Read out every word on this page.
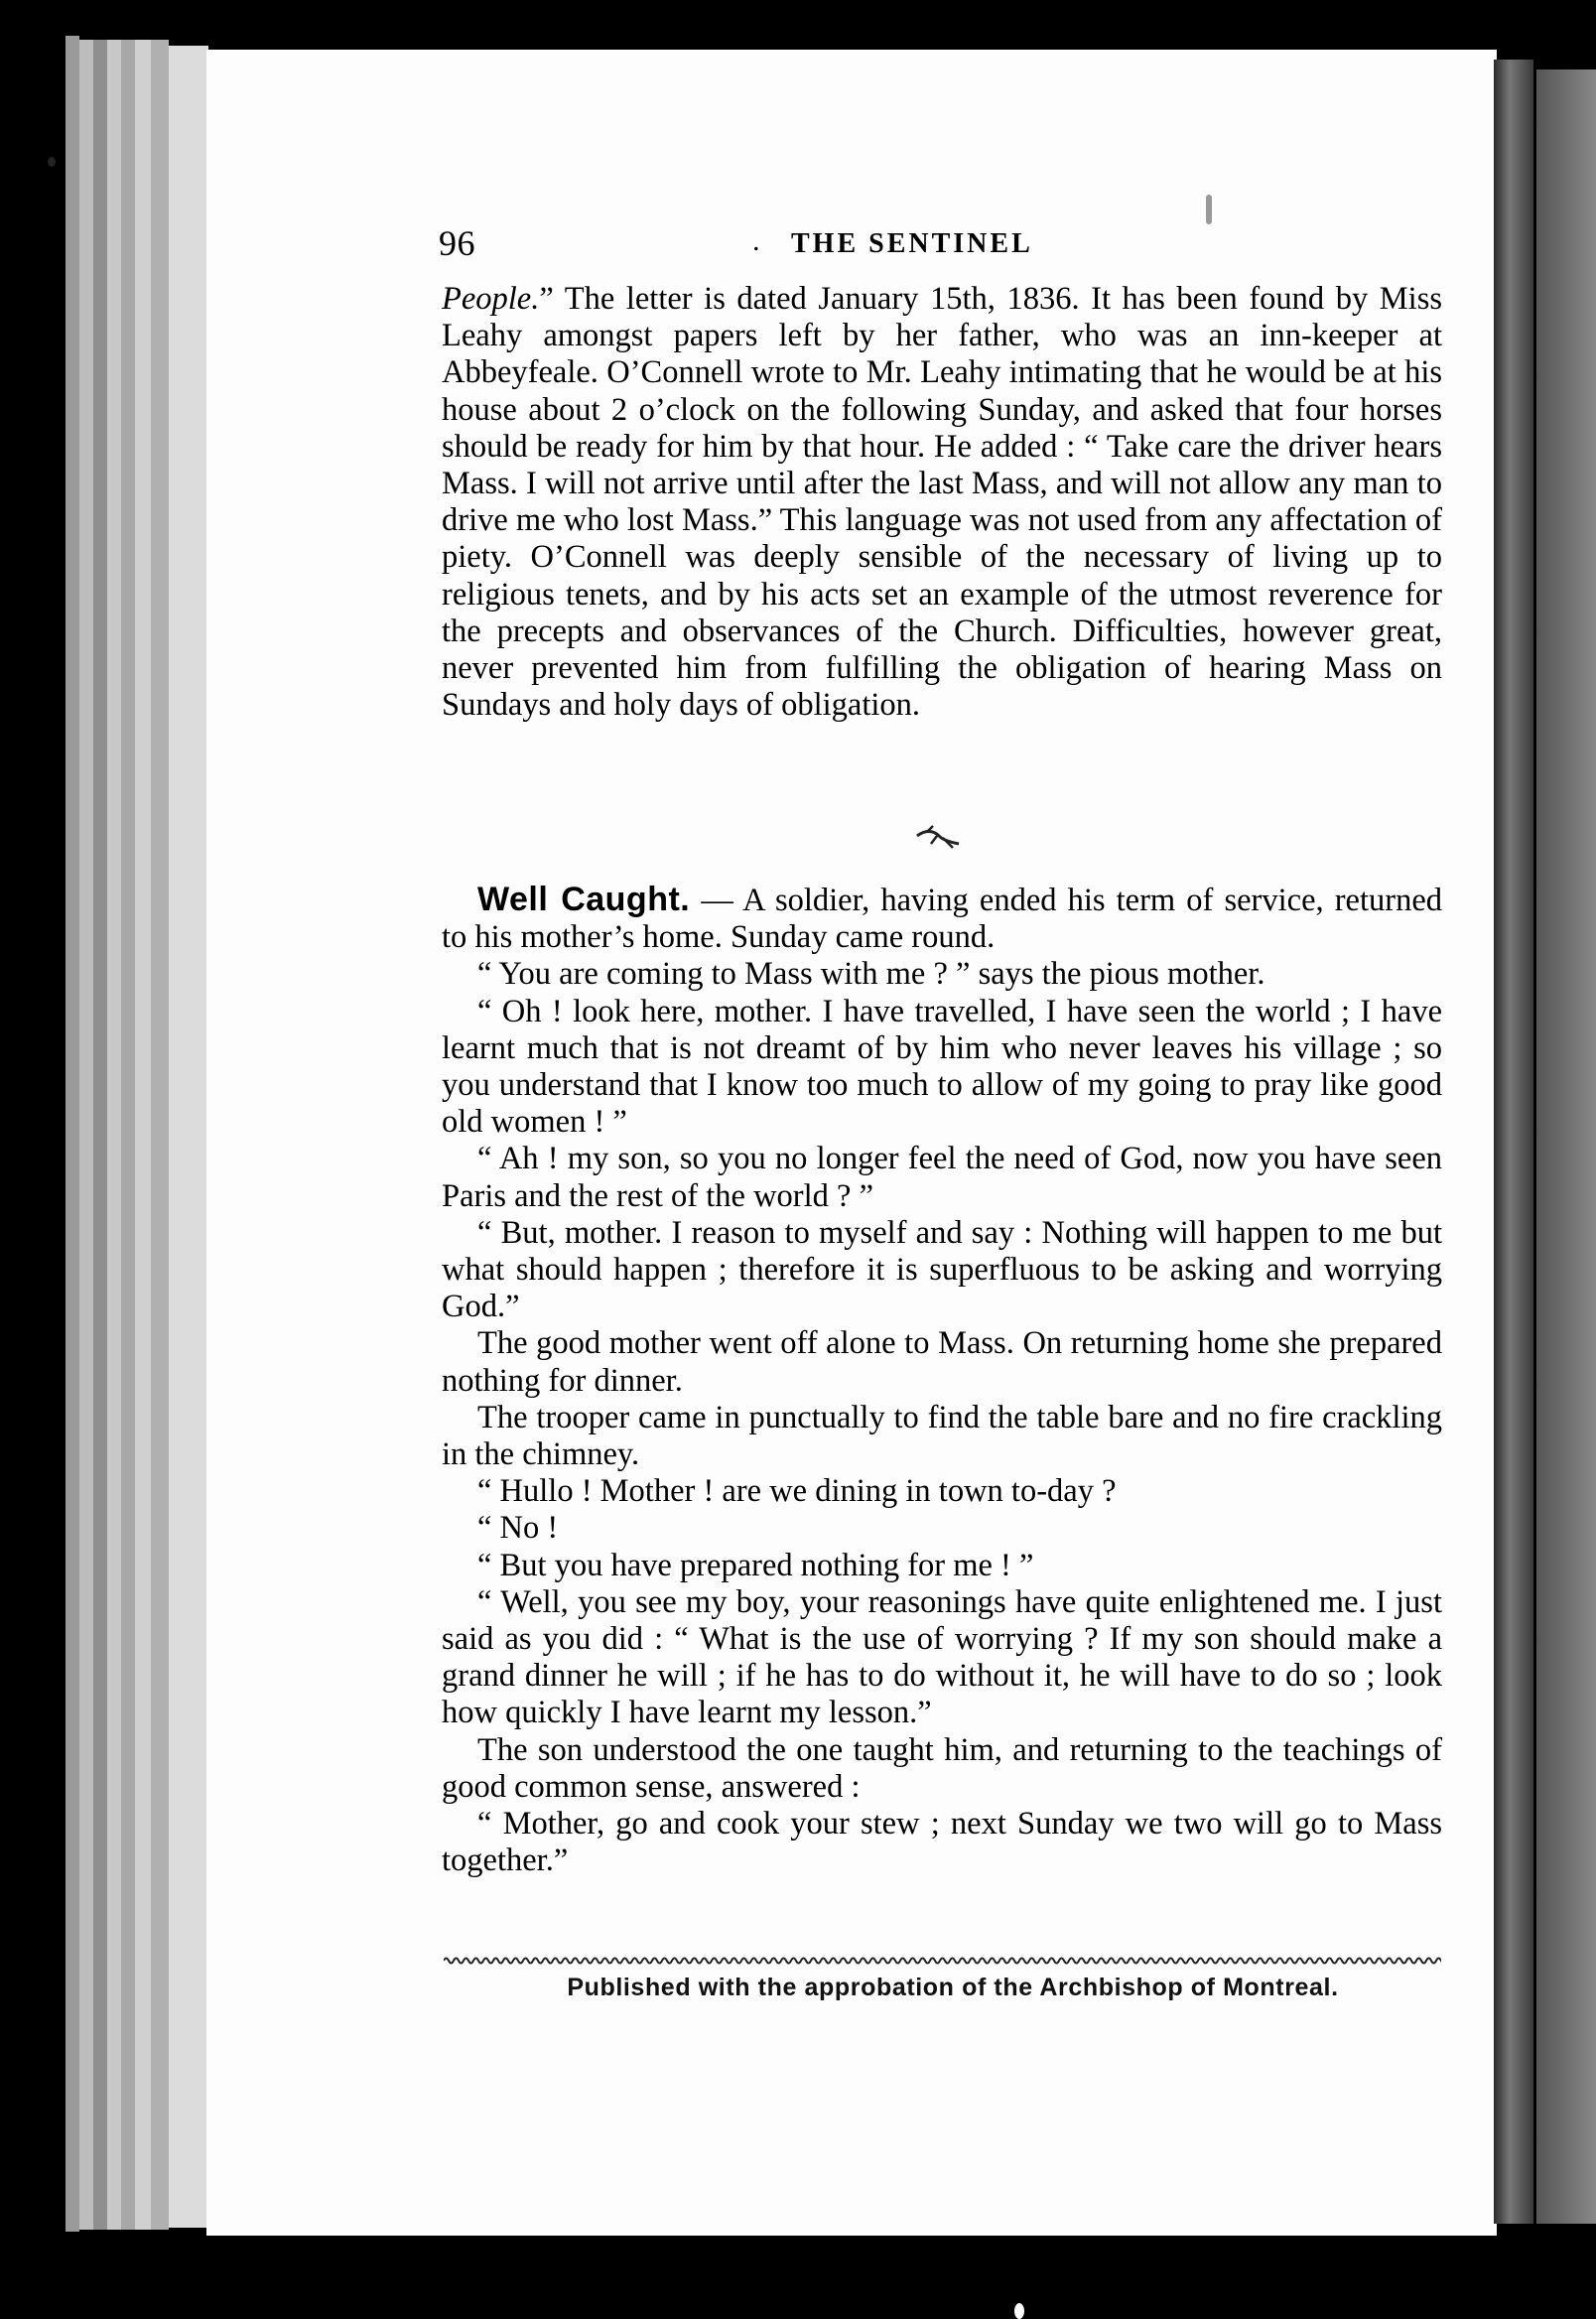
96	. THE SENTINEL

People.” The letter is dated January 15th, 1836. It has been found by Miss Leahy amongst papers left by her father, who was an inn-keeper at Abbeyfeale. O’Connell wrote to Mr. Leahy intimating that he would be at his house about 2 o’clock on the following Sunday, and asked that four horses should be ready for him by that hour. He added : “ Take care the driver hears Mass. I will not arrive until after the last Mass, and will not allow any man to drive me who lost Mass.” This language was not used from any affectation of piety. O’Connell was deeply sensible of the necessary of living up to religious tenets, and by his acts set an example of the utmost reverence for the precepts and observances of the Church. Difficulties, however great, never prevented him from fulfilling the obligation of hearing Mass on Sundays and holy days of obligation.

Well Caught. — A soldier, having ended his term of service, returned to his mother’s home. Sunday came round.

“ You are coming to Mass with me ? ” says the pious mother.

“ Oh ! look here, mother. I have travelled, I have seen the world ; I have learnt much that is not dreamt of by him who never leaves his village ; so you understand that I know too much to allow of my going to pray like good old women ! ”

“ Ah ! my son, so you no longer feel the need of God, now you have seen Paris and the rest of the world ? ”

“ But, mother. I reason to myself and say : Nothing will happen to me but what should happen ; therefore it is superfluous to be asking and worrying God.”

The good mother went off alone to Mass. On returning home she prepared nothing for dinner.

The trooper came in punctually to find the table bare and no fire crackling in the chimney.

“ Hullo ! Mother ! are we dining in town to-day ?

“ No !

“ But you have prepared nothing for me ! ”

“ Well, you see my boy, your reasonings have quite enlightened me. I just said as you did : “ What is the use of worrying ? If my son should make a grand dinner he will ; if he has to do without it, he will have to do so ; look how quickly I have learnt my lesson.”

The son understood the one taught him, and returning to the teachings of good common sense, answered :

“ Mother, go and cook your stew ; next Sunday we two will go to Mass together.”

Published with the approbation of the Archbishop of Montreal.
